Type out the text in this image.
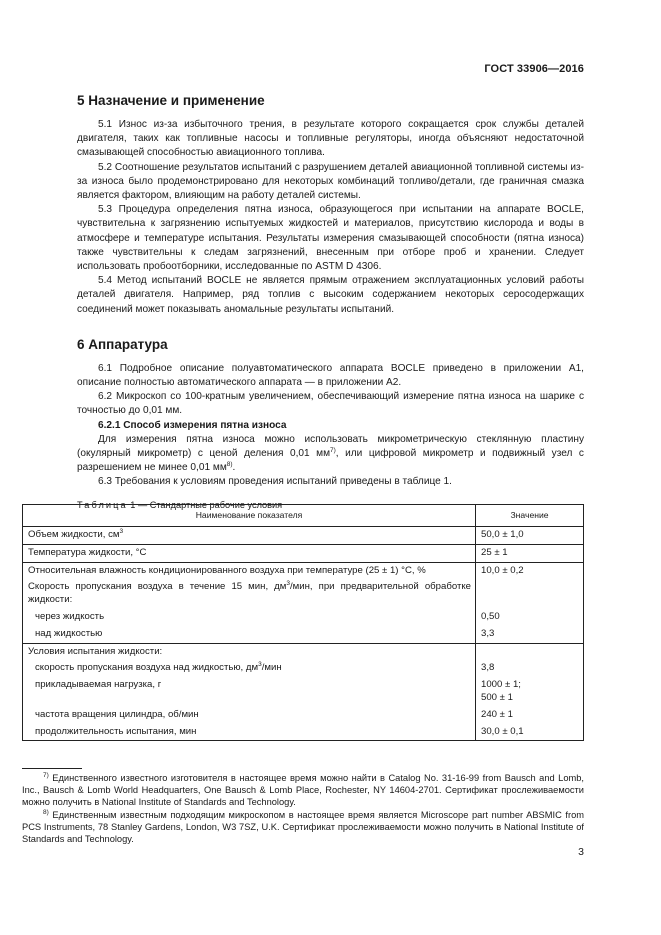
ГОСТ 33906—2016
5 Назначение и применение

5.1 Износ из-за избыточного трения, в результате которого сокращается срок службы деталей двигателя, таких как топливные насосы и топливные регуляторы, иногда объясняют недостаточной смазывающей способностью авиационного топлива.

5.2 Соотношение результатов испытаний с разрушением деталей авиационной топливной системы из-за износа было продемонстрировано для некоторых комбинаций топливо/детали, где граничная смазка является фактором, влияющим на работу деталей системы.

5.3 Процедура определения пятна износа, образующегося при испытании на аппарате BOCLE, чувствительна к загрязнению испытуемых жидкостей и материалов, присутствию кислорода и воды в атмосфере и температуре испытания. Результаты измерения смазывающей способности (пятна износа) также чувствительны к следам загрязнений, внесенным при отборе проб и хранении. Следует использовать пробоотборники, исследованные по ASTM D 4306.

5.4 Метод испытаний BOCLE не является прямым отражением эксплуатационных условий работы деталей двигателя. Например, ряд топлив с высоким содержанием некоторых серосодержащих соединений может показывать аномальные результаты испытаний.

6 Аппаратура

6.1 Подробное описание полуавтоматического аппарата BOCLE приведено в приложении А1, описание полностью автоматического аппарата — в приложении А2.

6.2 Микроскоп со 100-кратным увеличением, обеспечивающий измерение пятна износа на шарике с точностью до 0,01 мм.

6.2.1 Способ измерения пятна износа

Для измерения пятна износа можно использовать микрометрическую стеклянную пластину (окулярный микрометр) с ценой деления 0,01 $мм^{7)}$, или цифровой микрометр и подвижный узел с разрешением не минее 0,01 $мм^{8)}$.

6.3 Требования к условиям проведения испытаний приведены в таблице 1.

Таблица 1 — Стандартные рабочие условия

Наименование показателя	Значение
Объем жидкости, $см^3$	50,0 ± 1,0
Температура жидкости, °С	25 ± 1
Относительная влажность кондиционированного воздуха при температуре (25 ± 1) °С, %	10,0 ± 0,2
Скорость пропускания воздуха в течение 15 мин, $дм^3$/мин, при предварительной обработке жидкости:	
через жидкость	0,50
над жидкостью	3,3
Условия испытания жидкости:	
скорость пропускания воздуха над жидкостью, $дм^3$/мин	3,8
прикладываемая нагрузка, г	1000 ± 1;
500 ± 1

частота вращения цилиндра, об/мин	240 ± 1
продолжительность испытания, мин	30,0 ± 0,1

$^{7)}$ Единственного известного изготовителя в настоящее время можно найти в Catalog No. 31-16-99 from Bausch and Lomb, Inc., Bausch & Lomb World Headquarters, One Bausch & Lomb Place, Rochester, NY 14604-2701. Сертификат прослеживаемости можно получить в National Institute of Standards and Technology.

$^{8)}$ Единственным известным подходящим микроскопом в настоящее время является Microscope part number ABSMIC from PCS Instruments, 78 Stanley Gardens, London, W3 7SZ, U.K. Сертификат прослеживаемости можно получить в National Institute of Standards and Technology.

3
